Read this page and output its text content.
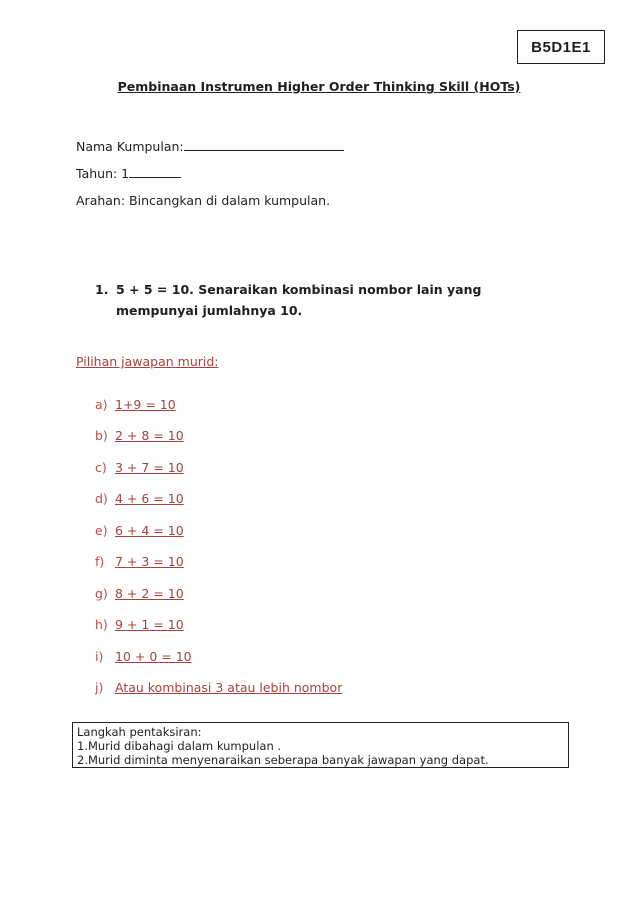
B5D1E1
Pembinaan Instrumen Higher Order Thinking Skill (HOTs)
Nama Kumpulan:
Tahun: 1
Arahan: Bincangkan di dalam kumpulan.
1. 5 + 5 = 10. Senaraikan kombinasi nombor lain yang mempunyai jumlahnya 10.
Pilihan jawapan murid:
a) 1+9 = 10
b) 2 + 8 = 10
c) 3 + 7 = 10
d) 4 + 6 = 10
e) 6 + 4 = 10
f) 7 + 3 = 10
g) 8 + 2 = 10
h) 9 + 1 = 10
i) 10 + 0 = 10
j) Atau kombinasi 3 atau lebih nombor
Langkah pentaksiran:
1.Murid dibahagi dalam kumpulan .
2.Murid diminta menyenaraikan seberapa banyak jawapan yang dapat.
